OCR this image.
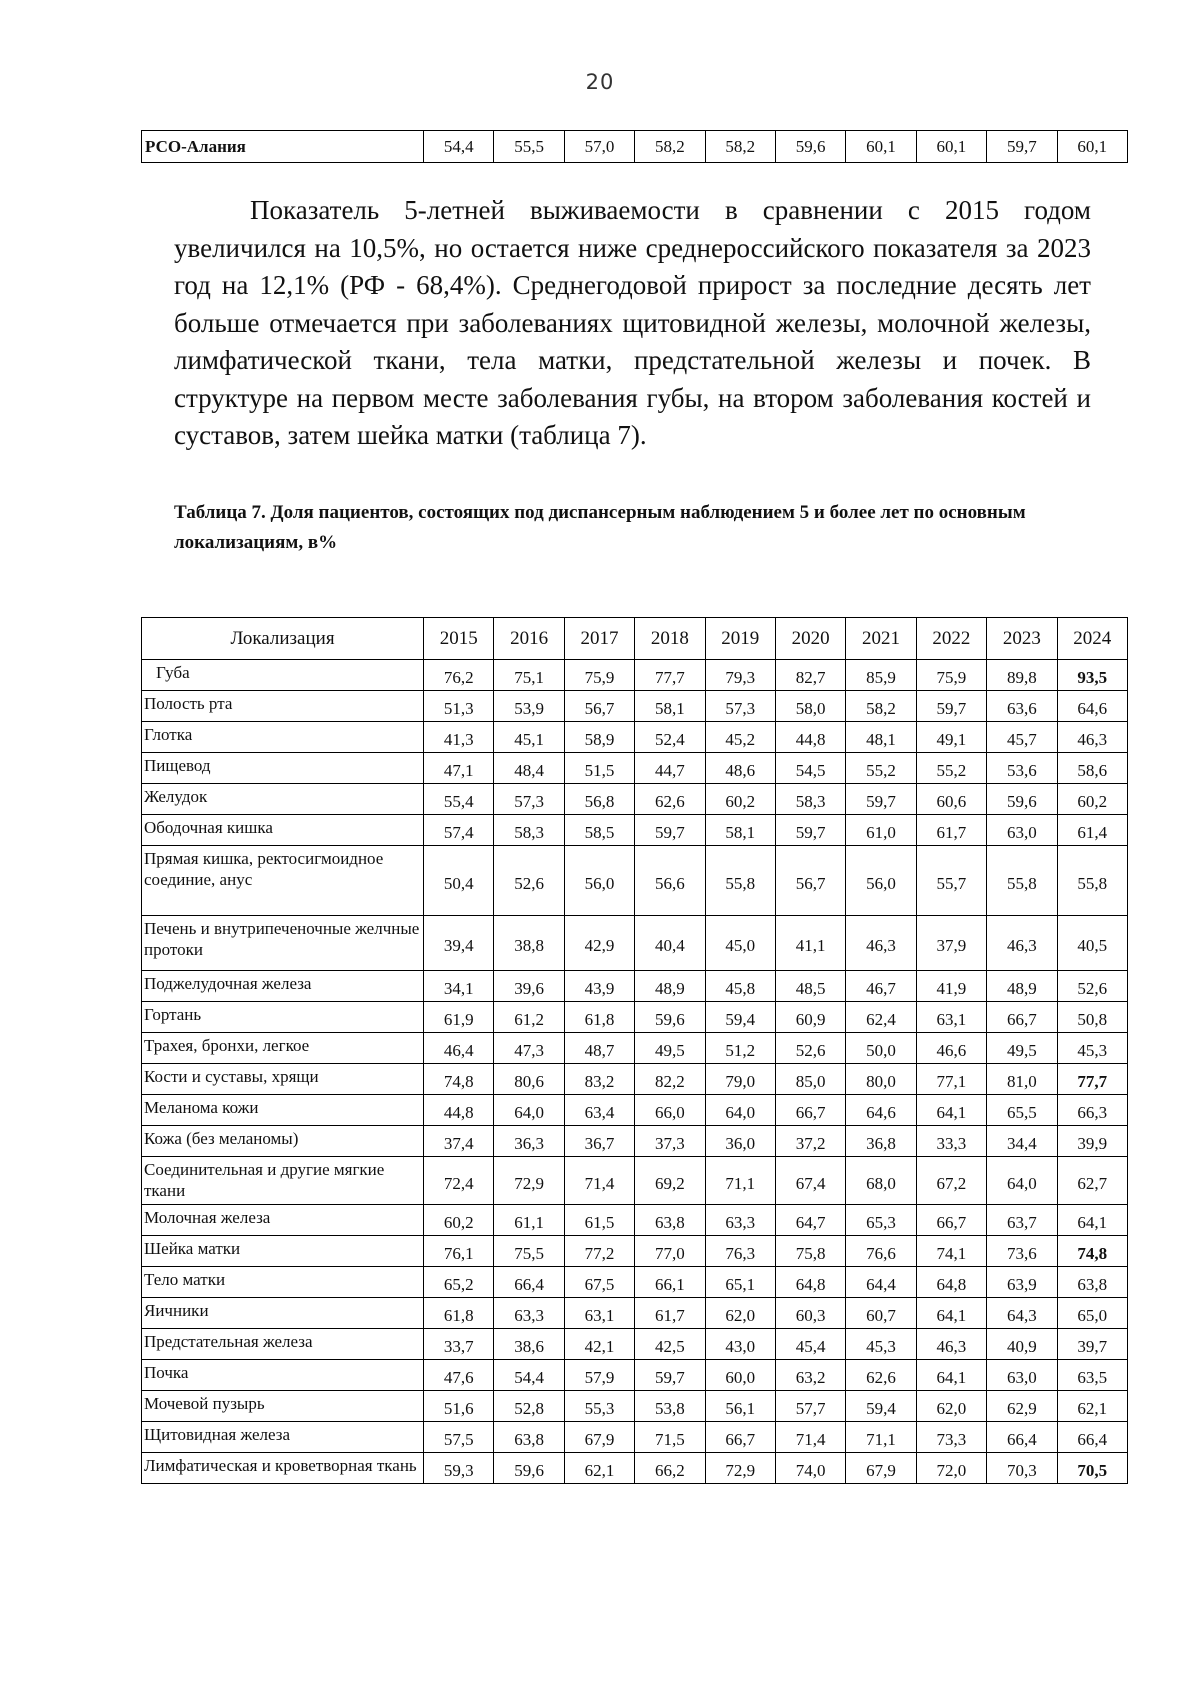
20
РСО-Алания	54,4	55,5	57,0	58,2	58,2	59,6	60,1	60,1	59,7	60,1

Показатель 5-летней выживаемости в сравнении с 2015 годом увеличился на 10,5%, но остается ниже среднероссийского показателя за 2023 год на 12,1% (РФ - 68,4%). Среднегодовой прирост за последние десять лет больше отмечается при заболеваниях щитовидной железы, молочной железы, лимфатической ткани, тела матки, предстательной железы и почек. В структуре на первом месте заболевания губы, на втором заболевания костей и суставов, затем шейка матки (таблица 7).

Таблица 7. Доля пациентов, состоящих под диспансерным наблюдением 5 и более лет по основным локализациям, в%

Локализация	2015	2016	2017	2018	2019	2020	2021	2022	2023	2024
Губа	76,2	75,1	75,9	77,7	79,3	82,7	85,9	75,9	89,8	93,5
Полость рта	51,3	53,9	56,7	58,1	57,3	58,0	58,2	59,7	63,6	64,6
Глотка	41,3	45,1	58,9	52,4	45,2	44,8	48,1	49,1	45,7	46,3
Пищевод	47,1	48,4	51,5	44,7	48,6	54,5	55,2	55,2	53,6	58,6
Желудок	55,4	57,3	56,8	62,6	60,2	58,3	59,7	60,6	59,6	60,2
Ободочная кишка	57,4	58,3	58,5	59,7	58,1	59,7	61,0	61,7	63,0	61,4
Прямая кишка, ректосигмоидное соединие, анус	50,4	52,6	56,0	56,6	55,8	56,7	56,0	55,7	55,8	55,8
Печень и внутрипеченочные желчные протоки	39,4	38,8	42,9	40,4	45,0	41,1	46,3	37,9	46,3	40,5
Поджелудочная железа	34,1	39,6	43,9	48,9	45,8	48,5	46,7	41,9	48,9	52,6
Гортань	61,9	61,2	61,8	59,6	59,4	60,9	62,4	63,1	66,7	50,8
Трахея, бронхи, легкое	46,4	47,3	48,7	49,5	51,2	52,6	50,0	46,6	49,5	45,3
Кости и суставы, хрящи	74,8	80,6	83,2	82,2	79,0	85,0	80,0	77,1	81,0	77,7
Меланома кожи	44,8	64,0	63,4	66,0	64,0	66,7	64,6	64,1	65,5	66,3
Кожа (без меланомы)	37,4	36,3	36,7	37,3	36,0	37,2	36,8	33,3	34,4	39,9
Соединительная и другие мягкие ткани	72,4	72,9	71,4	69,2	71,1	67,4	68,0	67,2	64,0	62,7
Молочная железа	60,2	61,1	61,5	63,8	63,3	64,7	65,3	66,7	63,7	64,1
Шейка матки	76,1	75,5	77,2	77,0	76,3	75,8	76,6	74,1	73,6	74,8
Тело матки	65,2	66,4	67,5	66,1	65,1	64,8	64,4	64,8	63,9	63,8
Яичники	61,8	63,3	63,1	61,7	62,0	60,3	60,7	64,1	64,3	65,0
Предстательная железа	33,7	38,6	42,1	42,5	43,0	45,4	45,3	46,3	40,9	39,7
Почка	47,6	54,4	57,9	59,7	60,0	63,2	62,6	64,1	63,0	63,5
Мочевой пузырь	51,6	52,8	55,3	53,8	56,1	57,7	59,4	62,0	62,9	62,1
Щитовидная железа	57,5	63,8	67,9	71,5	66,7	71,4	71,1	73,3	66,4	66,4
Лимфатическая и кроветворная ткань	59,3	59,6	62,1	66,2	72,9	74,0	67,9	72,0	70,3	70,5
